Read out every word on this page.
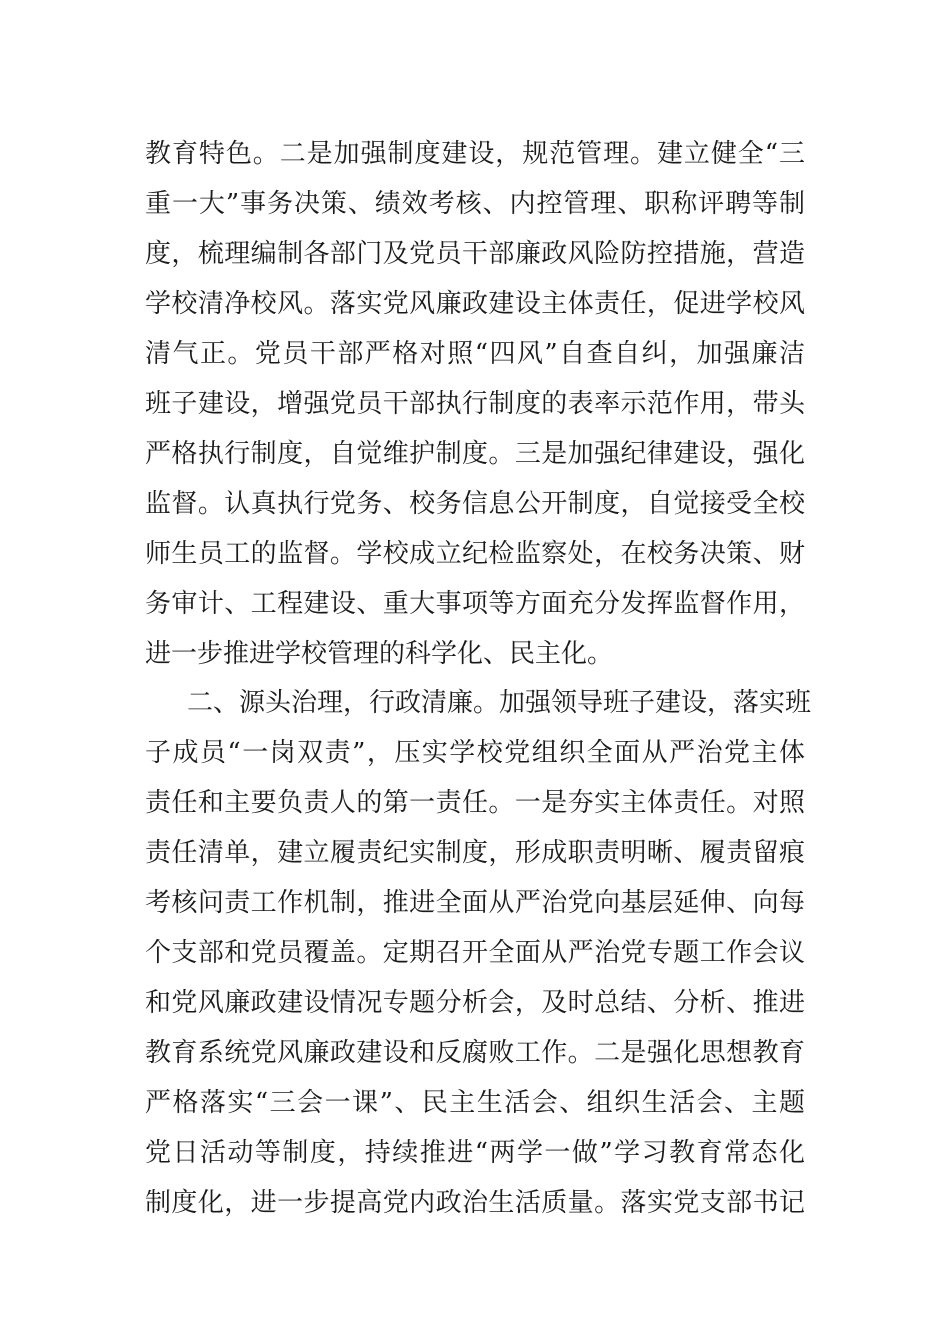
教育特色。二是加强制度建设，规范管理。建立健全“三
重一大”事务决策、绩效考核、内控管理、职称评聘等制
度，梳理编制各部门及党员干部廉政风险防控措施，营造
学校清净校风。落实党风廉政建设主体责任，促进学校风
清气正。党员干部严格对照“四风”自查自纠，加强廉洁
班子建设，增强党员干部执行制度的表率示范作用，带头
严格执行制度，自觉维护制度。三是加强纪律建设，强化
监督。认真执行党务、校务信息公开制度，自觉接受全校
师生员工的监督。学校成立纪检监察处，在校务决策、财
务审计、工程建设、重大事项等方面充分发挥监督作用，
进一步推进学校管理的科学化、民主化。
二、源头治理，行政清廉。加强领导班子建设，落实班
子成员“一岗双责”，压实学校党组织全面从严治党主体
责任和主要负责人的第一责任。一是夯实主体责任。对照
责任清单，建立履责纪实制度，形成职责明晰、履责留痕
考核问责工作机制，推进全面从严治党向基层延伸、向每
个支部和党员覆盖。定期召开全面从严治党专题工作会议
和党风廉政建设情况专题分析会，及时总结、分析、推进
教育系统党风廉政建设和反腐败工作。二是强化思想教育
严格落实“三会一课”、民主生活会、组织生活会、主题
党日活动等制度，持续推进“两学一做”学习教育常态化
制度化，进一步提高党内政治生活质量。落实党支部书记
